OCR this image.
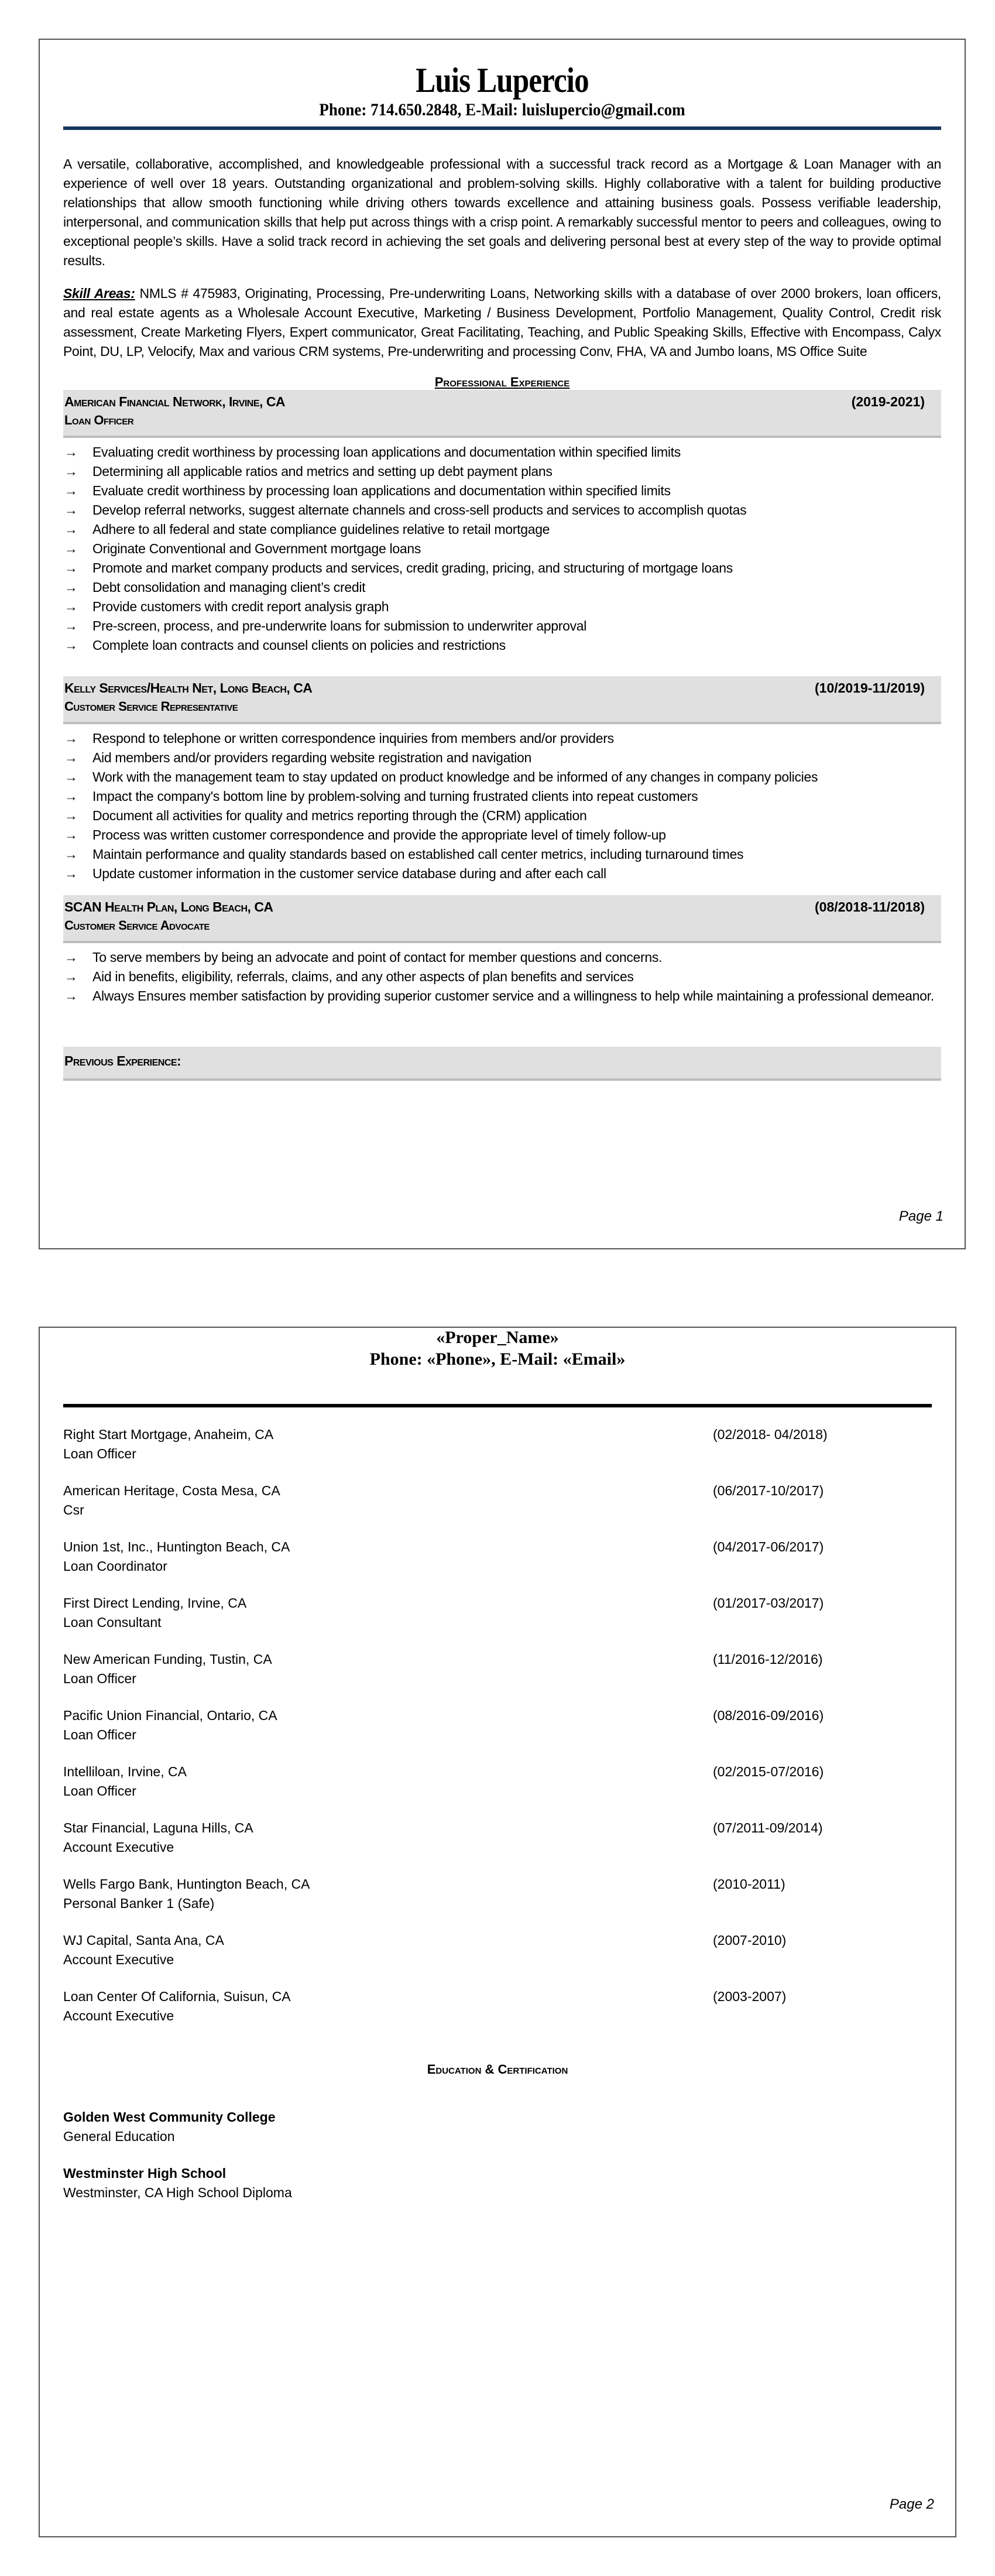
Luis Lupercio
Phone: 714.650.2848, E-Mail: luislupercio@gmail.com

A versatile, collaborative, accomplished, and knowledgeable professional with a successful track record as a Mortgage & Loan Manager with an experience of well over 18 years. Outstanding organizational and problem-solving skills. Highly collaborative with a talent for building productive relationships that allow smooth functioning while driving others towards excellence and attaining business goals. Possess verifiable leadership, interpersonal, and communication skills that help put across things with a crisp point. A remarkably successful mentor to peers and colleagues, owing to exceptional people’s skills. Have a solid track record in achieving the set goals and delivering personal best at every step of the way to provide optimal results.

Skill Areas: NMLS # 475983, Originating, Processing, Pre-underwriting Loans, Networking skills with a database of over 2000 brokers, loan officers, and real estate agents as a Wholesale Account Executive, Marketing / Business Development, Portfolio Management, Quality Control, Credit risk assessment, Create Marketing Flyers, Expert communicator, Great Facilitating, Teaching, and Public Speaking Skills, Effective with Encompass, Calyx Point, DU, LP, Velocify, Max and various CRM systems, Pre-underwriting and processing Conv, FHA, VA and Jumbo loans, MS Office Suite

Professional Experience
American Financial Network, Irvine, CA	(2019-2021)
Loan Officer
→ Evaluating credit worthiness by processing loan applications and documentation within specified limits
→ Determining all applicable ratios and metrics and setting up debt payment plans
→ Evaluate credit worthiness by processing loan applications and documentation within specified limits
→ Develop referral networks, suggest alternate channels and cross-sell products and services to accomplish quotas
→ Adhere to all federal and state compliance guidelines relative to retail mortgage
→ Originate Conventional and Government mortgage loans
→ Promote and market company products and services, credit grading, pricing, and structuring of mortgage loans
→ Debt consolidation and managing client’s credit
→ Provide customers with credit report analysis graph
→ Pre-screen, process, and pre-underwrite loans for submission to underwriter approval
→ Complete loan contracts and counsel clients on policies and restrictions
Kelly Services/Health Net, Long Beach, CA	(10/2019-11/2019)
Customer Service Representative
→ Respond to telephone or written correspondence inquiries from members and/or providers
→ Aid members and/or providers regarding website registration and navigation
→ Work with the management team to stay updated on product knowledge and be informed of any changes in company policies
→ Impact the company's bottom line by problem-solving and turning frustrated clients into repeat customers
→ Document all activities for quality and metrics reporting through the (CRM) application
→ Process was written customer correspondence and provide the appropriate level of timely follow-up
→ Maintain performance and quality standards based on established call center metrics, including turnaround times
→ Update customer information in the customer service database during and after each call
SCAN Health Plan, Long Beach, CA	(08/2018-11/2018)
Customer Service Advocate
→ To serve members by being an advocate and point of contact for member questions and concerns.
→ Aid in benefits, eligibility, referrals, claims, and any other aspects of plan benefits and services
→ Always Ensures member satisfaction by providing superior customer service and a willingness to help while maintaining a professional demeanor.
Previous Experience:
Page 1
«Proper_Name»
Phone: «Phone», E-Mail: «Email»
Right Start Mortgage, Anaheim, CA
Loan Officer
(02/2018- 04/2018)
American Heritage, Costa Mesa, CA
Csr
(06/2017-10/2017)
Union 1st, Inc., Huntington Beach, CA
Loan Coordinator
(04/2017-06/2017)
First Direct Lending, Irvine, CA
Loan Consultant
(01/2017-03/2017)
New American Funding, Tustin, CA
Loan Officer
(11/2016-12/2016)
Pacific Union Financial, Ontario, CA
Loan Officer
(08/2016-09/2016)
Intelliloan, Irvine, CA
Loan Officer
(02/2015-07/2016)
Star Financial, Laguna Hills, CA
Account Executive
(07/2011-09/2014)
Wells Fargo Bank, Huntington Beach, CA
Personal Banker 1 (Safe)
(2010-2011)
WJ Capital, Santa Ana, CA
Account Executive
(2007-2010)
Loan Center Of California, Suisun, CA
Account Executive
(2003-2007)
Education & Certification
Golden West Community College
General Education
Westminster High School
Westminster, CA High School Diploma
Page 2
